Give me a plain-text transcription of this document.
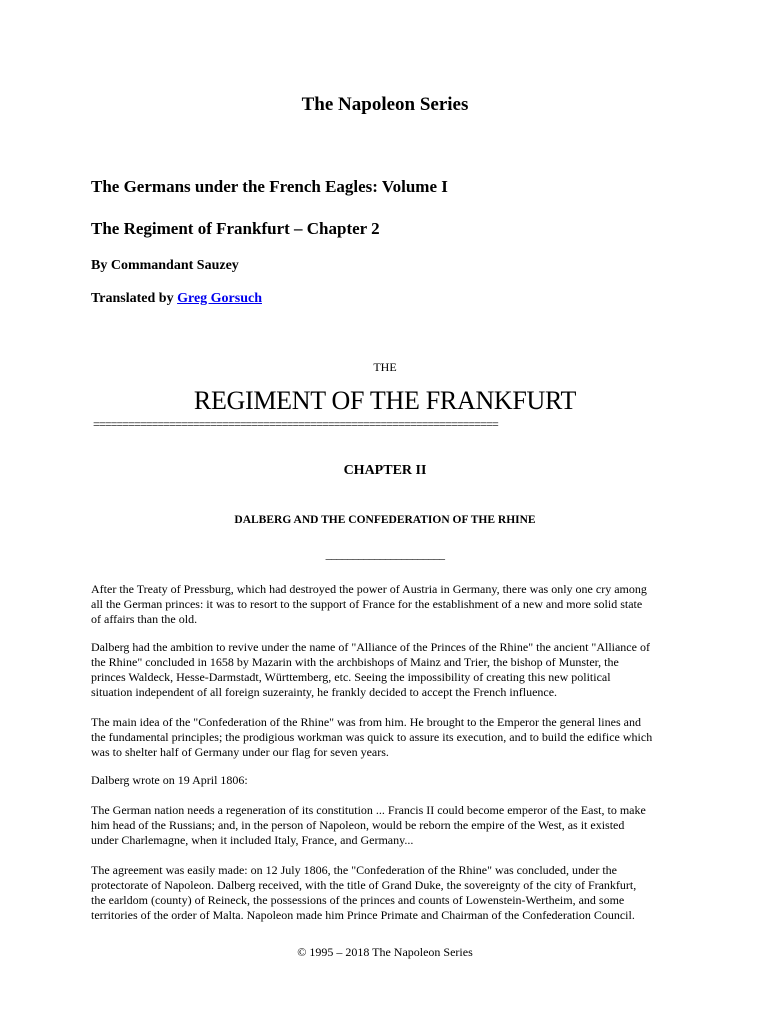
The Napoleon Series
The Germans under the French Eagles: Volume I
The Regiment of Frankfurt – Chapter 2
By Commandant Sauzey
Translated by Greg Gorsuch
THE
REGIMENT OF THE FRANKFURT
=====================================================================
CHAPTER II
DALBERG AND THE CONFEDERATION OF THE RHINE
______________________
After the Treaty of Pressburg, which had destroyed the power of Austria in Germany, there was only one cry among
all the German princes: it was to resort to the support of France for the establishment of a new and more solid state
of affairs than the old.
Dalberg had the ambition to revive under the name of "Alliance of the Princes of the Rhine" the ancient "Alliance of
the Rhine" concluded in 1658 by Mazarin with the archbishops of Mainz and Trier, the bishop of Munster, the
princes Waldeck, Hesse-Darmstadt, Württemberg, etc. Seeing the impossibility of creating this new political
situation independent of all foreign suzerainty, he frankly decided to accept the French influence.
The main idea of the "Confederation of the Rhine" was from him. He brought to the Emperor the general lines and
the fundamental principles; the prodigious workman was quick to assure its execution, and to build the edifice which
was to shelter half of Germany under our flag for seven years.
Dalberg wrote on 19 April 1806:
The German nation needs a regeneration of its constitution ... Francis II could become emperor of the East, to make
him head of the Russians; and, in the person of Napoleon, would be reborn the empire of the West, as it existed
under Charlemagne, when it included Italy, France, and Germany...
The agreement was easily made: on 12 July 1806, the "Confederation of the Rhine" was concluded, under the
protectorate of Napoleon. Dalberg received, with the title of Grand Duke, the sovereignty of the city of Frankfurt,
the earldom (county) of Reineck, the possessions of the princes and counts of Lowenstein-Wertheim, and some
territories of the order of Malta. Napoleon made him Prince Primate and Chairman of the Confederation Council.
© 1995 – 2018 The Napoleon Series
